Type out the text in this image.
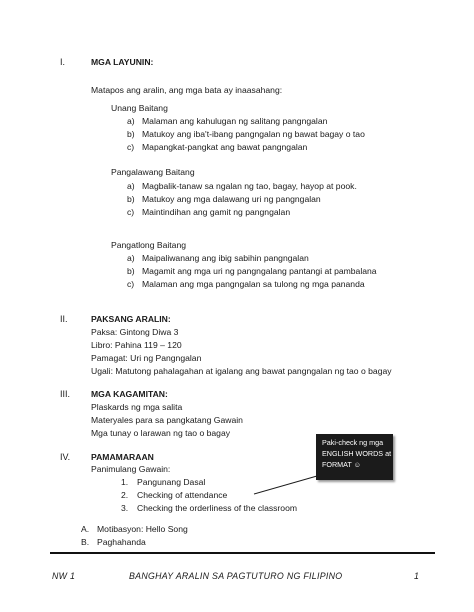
I.	MGA LAYUNIN:
Matapos ang aralin, ang mga bata ay inaasahang:
Unang Baitang
a) Malaman ang kahulugan ng salitang pangngalan
b) Matukoy ang iba't-ibang pangngalan ng bawat bagay o tao
c) Mapangkat-pangkat ang bawat pangngalan
Pangalawang Baitang
a) Magbalik-tanaw sa ngalan ng tao, bagay, hayop at pook.
b) Matukoy ang mga dalawang uri ng pangngalan
c) Maintindihan ang gamit ng pangngalan
Pangatlong Baitang
a) Maipaliwanang ang ibig sabihin pangngalan
b) Magamit ang mga uri ng pangngalang pantangi at pambalana
c) Malaman ang mga pangngalan sa tulong ng mga pananda
II.	PAKSANG ARALIN:
Paksa: Gintong Diwa 3
Libro: Pahina 119 – 120
Pamagat: Uri ng Pangngalan
Ugali: Matutong pahalagahan at igalang ang bawat pangngalan ng tao o bagay
III. MGA KAGAMITAN:
Plaskards ng mga salita
Materyales para sa pangkatang Gawain
Mga tunay o larawan ng tao o bagay
IV. PAMAMARAAN
Panimulang Gawain:
1. Pangunang Dasal
2. Checking of attendance
3. Checking the orderliness of the classroom
A. Motibasyon: Hello Song
B. Paghahanda
Paki-check ng mga
ENGLISH WORDS at
FORMAT ☺
NW 1	BANGHAY ARALIN SA PAGTUTURO NG FILIPINO	1
